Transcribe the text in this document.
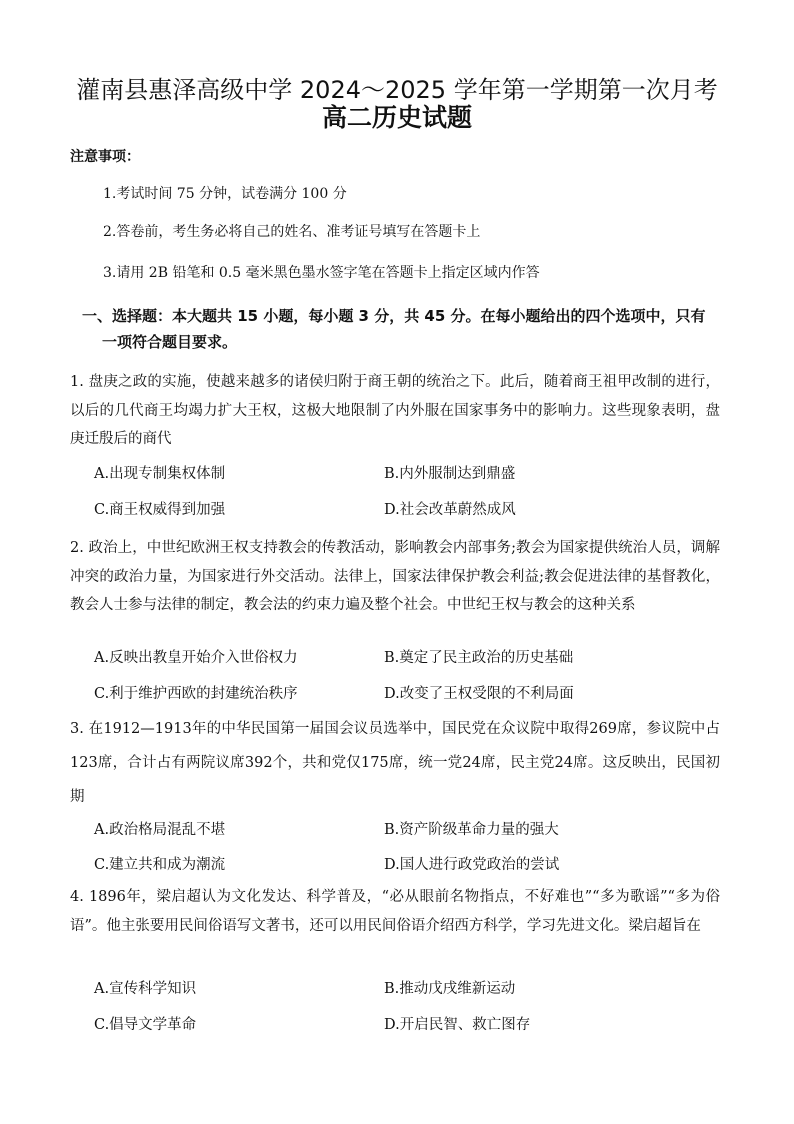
灌南县惠泽高级中学 2024～2025 学年第一学期第一次月考
高二历史试题
注意事项：
1.考试时间 75 分钟，试卷满分 100 分
2.答卷前，考生务必将自己的姓名、准考证号填写在答题卡上
3.请用 2B 铅笔和 0.5 毫米黑色墨水签字笔在答题卡上指定区域内作答
一、选择题：本大题共 15 小题，每小题 3 分，共 45 分。在每小题给出的四个选项中，只有
一项符合题目要求。
1. 盘庚之政的实施，使越来越多的诸侯归附于商王朝的统治之下。此后，随着商王祖甲改制的进行，以后的几代商王均竭力扩大王权，这极大地限制了内外服在国家事务中的影响力。这些现象表明，盘庚迁殷后的商代
A.出现专制集权体制	B.内外服制达到鼎盛
C.商王权威得到加强	D.社会改革蔚然成风
2. 政治上，中世纪欧洲王权支持教会的传教活动，影响教会内部事务;教会为国家提供统治人员，调解冲突的政治力量，为国家进行外交活动。法律上，国家法律保护教会利益;教会促进法律的基督教化，教会人士参与法律的制定，教会法的约束力遍及整个社会。中世纪王权与教会的这种关系
A.反映出教皇开始介入世俗权力	B.奠定了民主政治的历史基础
C.利于维护西欧的封建统治秩序	D.改变了王权受限的不利局面
3. 在1912—1913年的中华民国第一届国会议员选举中，国民党在众议院中取得269席，参议院中占123席，合计占有两院议席392个，共和党仅175席，统一党24席，民主党24席。这反映出，民国初期
A.政治格局混乱不堪	B.资产阶级革命力量的强大
C.建立共和成为潮流	D.国人进行政党政治的尝试
4. 1896年，梁启超认为文化发达、科学普及，“必从眼前名物指点，不好难也”“多为歌谣”“多为俗语”。他主张要用民间俗语写文著书，还可以用民间俗语介绍西方科学，学习先进文化。梁启超旨在
A.宣传科学知识	B.推动戊戌维新运动
C.倡导文学革命	D.开启民智、救亡图存
